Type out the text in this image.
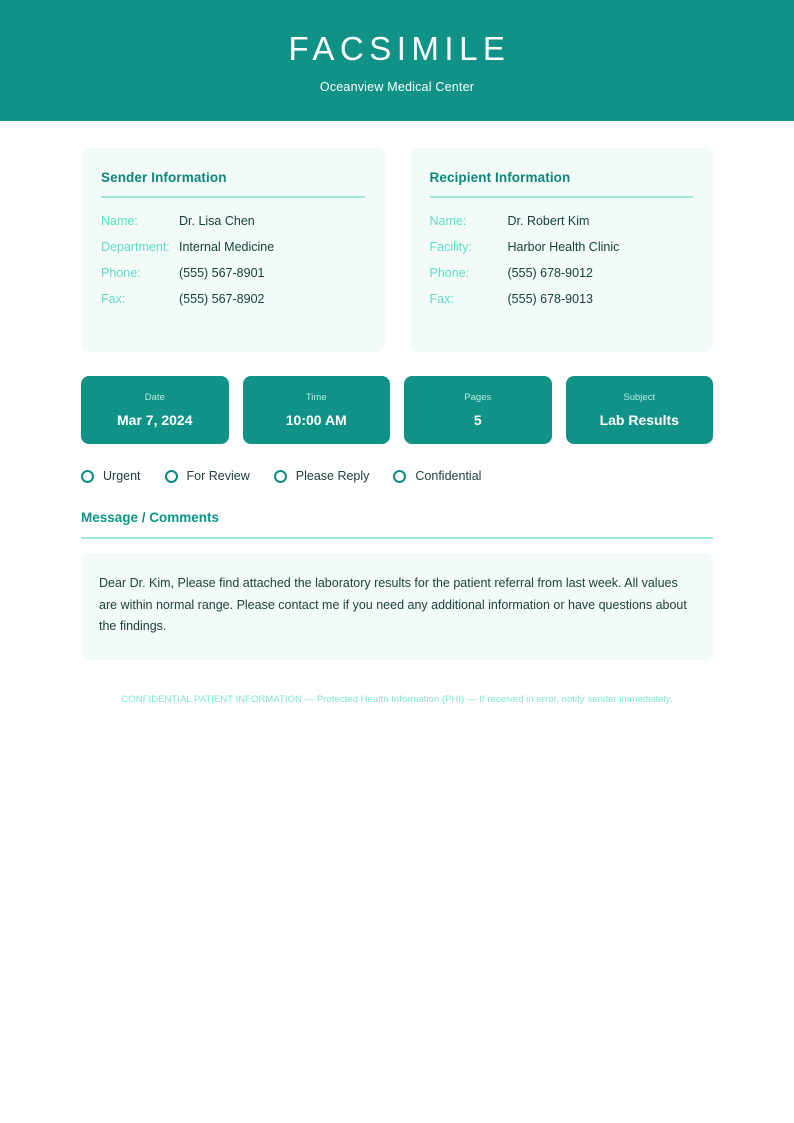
FACSIMILE
Oceanview Medical Center
Sender Information
Name:	Dr. Lisa Chen
Department: Internal Medicine
Phone:	(555) 567-8901
Fax:	(555) 567-8902
Recipient Information
Name:	Dr. Robert Kim
Facility:	Harbor Health Clinic
Phone:	(555) 678-9012
Fax:	(555) 678-9013
Date
Mar 7, 2024
Time
10:00 AM
Pages
5
Subject
Lab Results
Urgent	For Review	Please Reply	Confidential
Message / Comments

Dear Dr. Kim, Please find attached the laboratory results for the patient referral from last week. All values are within normal range. Please contact me if you need any additional information or have questions about the findings.

CONFIDENTIAL PATIENT INFORMATION — Protected Health Information (PHI) — If received in error, notify sender immediately.
